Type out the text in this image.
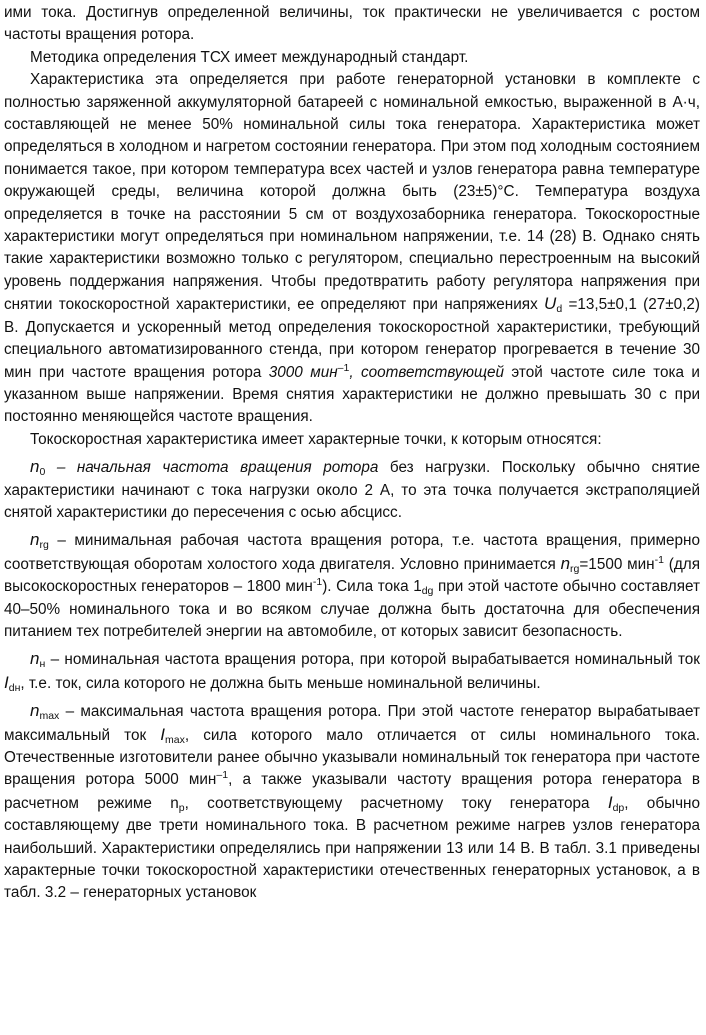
ими тока. Достигнув определенной величины, ток практически не увеличивается с ростом частоты вращения ротора.

Методика определения ТСХ имеет международный стандарт.

Характеристика эта определяется при работе генераторной установки в комплекте с полностью заряженной аккумуляторной батареей с номинальной емкостью, выраженной в А·ч, составляющей не менее 50% номинальной силы тока генератора. Характеристика может определяться в холодном и нагретом состоянии генератора. При этом под холодным состоянием понимается такое, при котором температура всех частей и узлов генератора равна температуре окружающей среды, величина которой должна быть (23±5)°С. Температура воздуха определяется в точке на расстоянии 5 см от воздухозаборника генератора. Токоскоростные характеристики могут определяться при номинальном напряжении, т.е. 14 (28) В. Однако снять такие характеристики возможно только с регулятором, специально перестроенным на высокий уровень поддержания напряжения. Чтобы предотвратить работу регулятора напряжения при снятии токоскоростной характеристики, ее определяют при напряжениях $U_d =13,5\pm 0,1$ (27±0,2) В. Допускается и ускоренный метод определения токоскоростной характеристики, требующий специального автоматизированного стенда, при котором генератор прогревается в течение 30 мин при частоте вращения ротора 3000 мин$^{-1}$, соответствующей этой частоте силе тока и указанном выше напряжении. Время снятия характеристики не должно превышать 30 с при постоянно меняющейся частоте вращения.

Токоскоростная характеристика имеет характерные точки, к которым относятся:

$n_0$ – начальная частота вращения ротора без нагрузки. Поскольку обычно снятие характеристики начинают с тока нагрузки около 2 А, то эта точка получается экстраполяцией снятой характеристики до пересечения с осью абсцисс.

$n_{rg}$ – минимальная рабочая частота вращения ротора, т.е. частота вращения, примерно соответствующая оборотам холостого хода двигателя. Условно принимается $n_{rg}=1500$ мин$^{-1}$ (для высокоскоростных генераторов – 1800 мин$^{-1}$). Сила тока $1_{dg}$ при этой частоте обычно составляет 40–50% номинального тока и во всяком случае должна быть достаточна для обеспечения питанием тех потребителей энергии на автомобиле, от которых зависит безопасность.

$n_н$ – номинальная частота вращения ротора, при которой вырабатывается номинальный ток $I_{dн}$, т.е. ток, сила которого не должна быть меньше номинальной величины.

$n_{max}$ – максимальная частота вращения ротора. При этой частоте генератор вырабатывает максимальный ток $I_{max}$, сила которого мало отличается от силы номинального тока. Отечественные изготовители ранее обычно указывали номинальный ток генератора при частоте вращения ротора 5000 мин$^{-1}$, а также указывали частоту вращения ротора генератора в расчетном режиме $n_p$, соответствующему расчетному току генератора $I_{dp}$, обычно составляющему две трети номинального тока. В расчетном режиме нагрев узлов генератора наибольший. Характеристики определялись при напряжении 13 или 14 В. В табл. 3.1 приведены характерные точки токоскоростной характеристики отечественных генераторных установок, а в табл. 3.2 – генераторных установок
